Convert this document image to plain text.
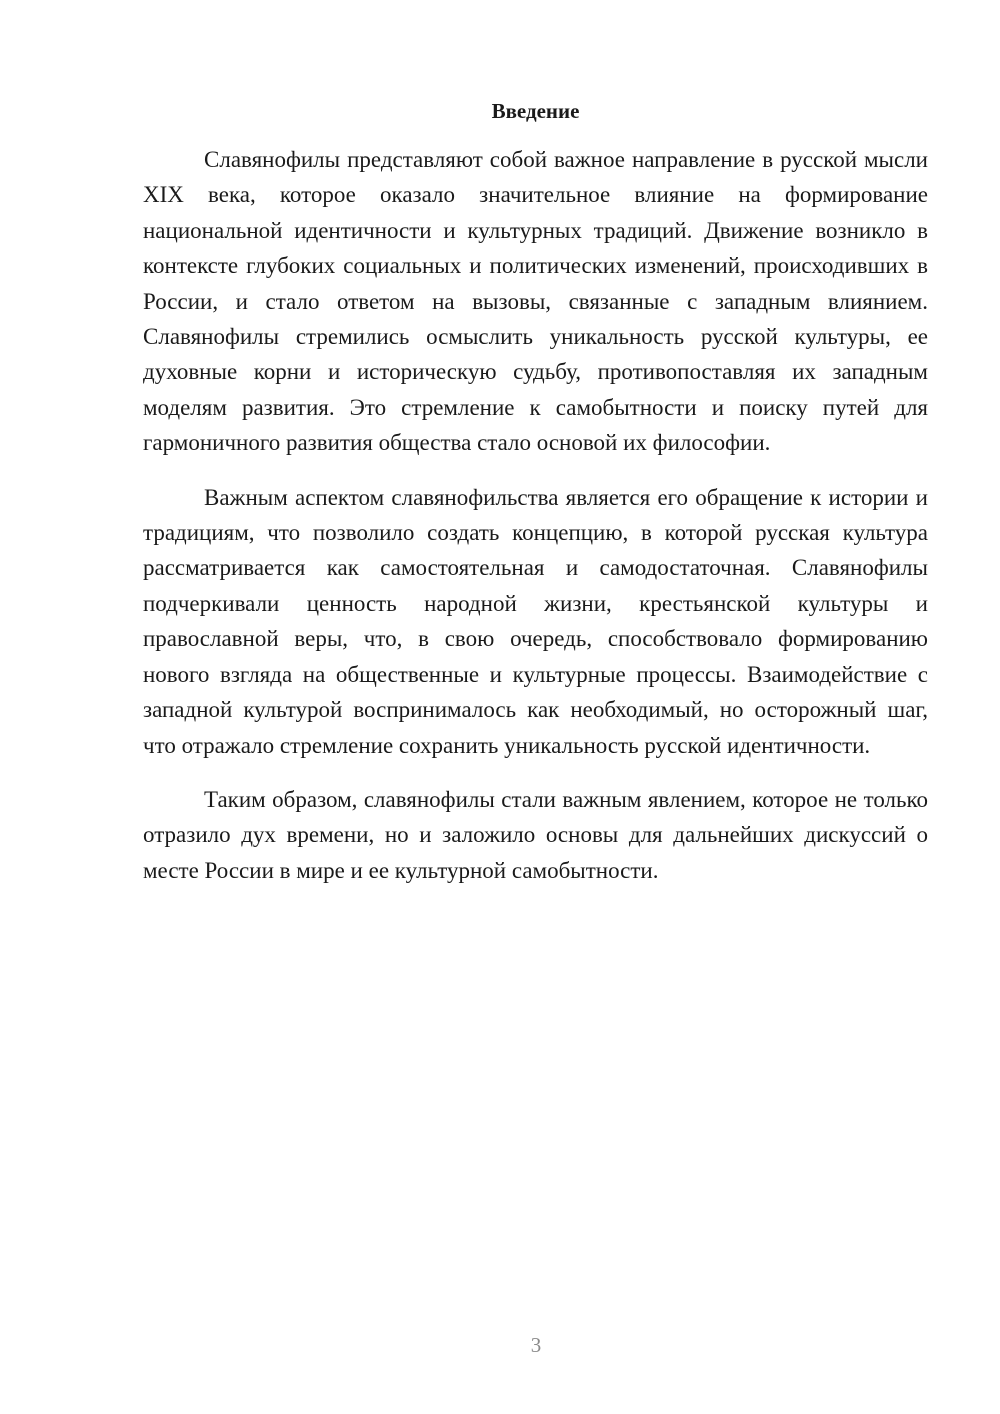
Введение

Славянофилы представляют собой важное направление в русской мысли XIX века, которое оказало значительное влияние на формирование национальной идентичности и культурных традиций. Движение возникло в контексте глубоких социальных и политических изменений, происходивших в России, и стало ответом на вызовы, связанные с западным влиянием. Славянофилы стремились осмыслить уникальность русской культуры, ее духовные корни и историческую судьбу, противопоставляя их западным моделям развития. Это стремление к самобытности и поиску путей для гармоничного развития общества стало основой их философии.

Важным аспектом славянофильства является его обращение к истории и традициям, что позволило создать концепцию, в которой русская культура рассматривается как самостоятельная и самодостаточная. Славянофилы подчеркивали ценность народной жизни, крестьянской культуры и православной веры, что, в свою очередь, способствовало формированию нового взгляда на общественные и культурные процессы. Взаимодействие с западной культурой воспринималось как необходимый, но осторожный шаг, что отражало стремление сохранить уникальность русской идентичности.

Таким образом, славянофилы стали важным явлением, которое не только отразило дух времени, но и заложило основы для дальнейших дискуссий о месте России в мире и ее культурной самобытности.

3
